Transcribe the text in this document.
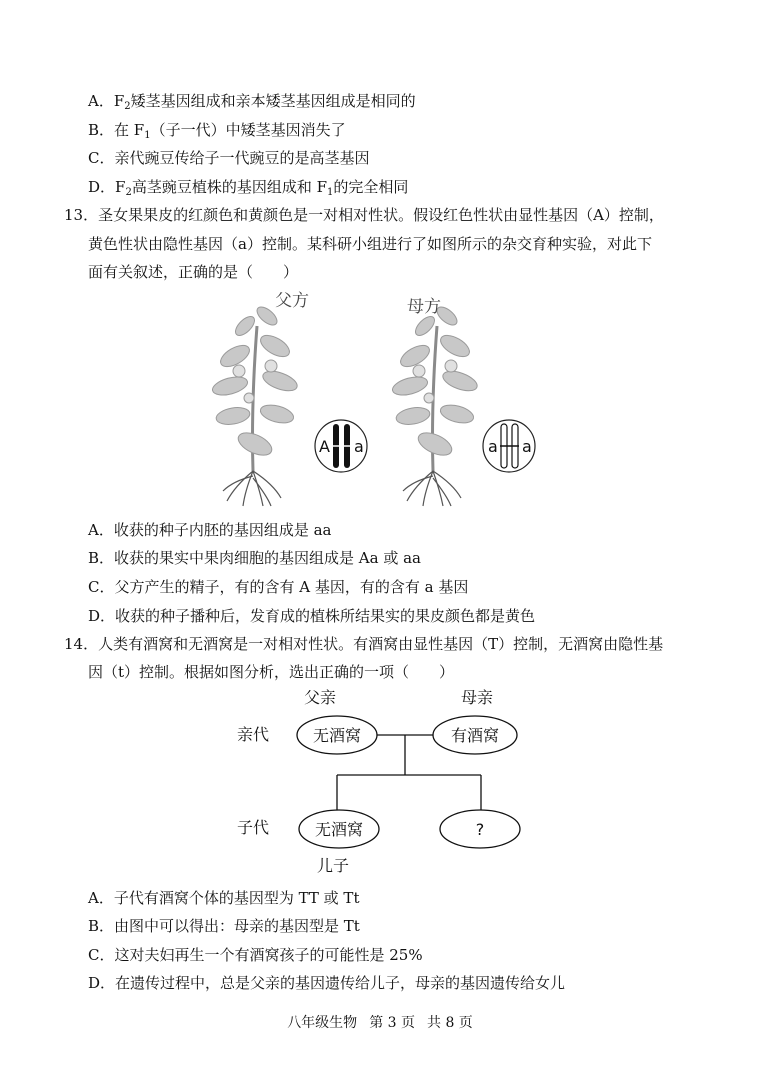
A．$F_2$矮茎基因组成和亲本矮茎基因组成是相同的
B．在 $F_1$（子一代）中矮茎基因消失了
C．亲代豌豆传给子一代豌豆的是高茎基因
D．$F_2$高茎豌豆植株的基因组成和 $F_1$的完全相同
13．圣女果果皮的红颜色和黄颜色是一对相对性状。假设红色性状由显性基因（A）控制，
黄色性状由隐性基因（a）控制。某科研小组进行了如图所示的杂交育种实验，对此下
面有关叙述，正确的是（　　）
父方
A a
母方
a a
A．收获的种子内胚的基因组成是 aa
B．收获的果实中果肉细胞的基因组成是 Aa 或 aa
C．父方产生的精子，有的含有 A 基因，有的含有 a 基因
D．收获的种子播种后，发育成的植株所结果实的果皮颜色都是黄色
14．人类有酒窝和无酒窝是一对相对性状。有酒窝由显性基因（T）控制，无酒窝由隐性基
因（t）控制。根据如图分析，选出正确的一项（　　）
父亲	母亲
亲代
子代
无酒窝	有酒窝
无酒窝	?
儿子
A．子代有酒窝个体的基因型为 TT 或 Tt
B．由图中可以得出：母亲的基因型是 Tt
C．这对夫妇再生一个有酒窝孩子的可能性是 25%
D．在遗传过程中，总是父亲的基因遗传给儿子，母亲的基因遗传给女儿
八年级生物 第 3 页 共 8 页
